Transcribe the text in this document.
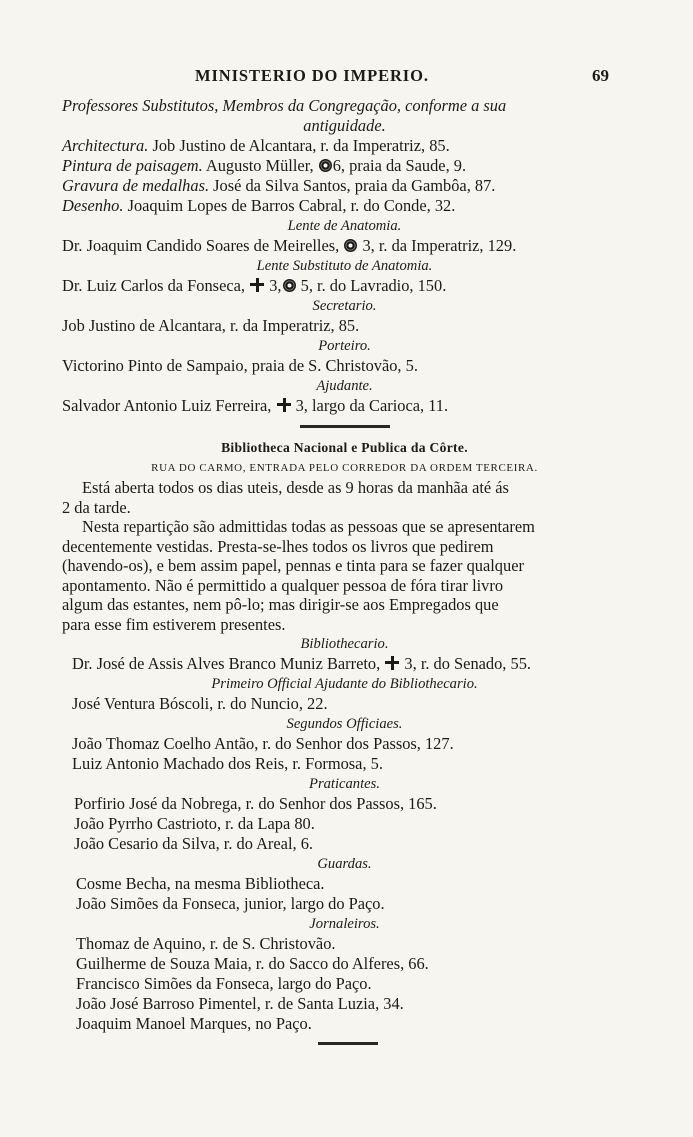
MINISTERIO DO IMPERIO.	69
Professores Substitutos, Membros da Congregação, conforme a sua
antiguidade.
Architectura. Job Justino de Alcantara, r. da Imperatriz, 85.
Pintura de paisagem. Augusto Müller, 6, praia da Saude, 9.
Gravura de medalhas. José da Silva Santos, praia da Gambôa, 87.
Desenho. Joaquim Lopes de Barros Cabral, r. do Conde, 32.
Lente de Anatomia.
Dr. Joaquim Candido Soares de Meirelles, 3, r. da Imperatriz, 129.
Lente Substituto de Anatomia.
Dr. Luiz Carlos da Fonseca, 3, 5, r. do Lavradio, 150.
Secretario.
Job Justino de Alcantara, r. da Imperatriz, 85.
Porteiro.
Victorino Pinto de Sampaio, praia de S. Christovão, 5.
Ajudante.
Salvador Antonio Luiz Ferreira, 3, largo da Carioca, 11.
Bibliotheca Nacional e Publica da Côrte.
RUA DO CARMO, ENTRADA PELO CORREDOR DA ORDEM TERCEIRA.
Está aberta todos os dias uteis, desde as 9 horas da manhãa até ás
2 da tarde.
Nesta repartição são admittidas todas as pessoas que se apresentarem
decentemente vestidas. Presta-se-lhes todos os livros que pedirem
(havendo-os), e bem assim papel, pennas e tinta para se fazer qualquer
apontamento. Não é permittido a qualquer pessoa de fóra tirar livro
algum das estantes, nem pô-lo; mas dirigir-se aos Empregados que
para esse fim estiverem presentes.
Bibliothecario.
Dr. José de Assis Alves Branco Muniz Barreto, 3, r. do Senado, 55.
Primeiro Official Ajudante do Bibliothecario.
José Ventura Bóscoli, r. do Nuncio, 22.
Segundos Officiaes.
João Thomaz Coelho Antão, r. do Senhor dos Passos, 127.
Luiz Antonio Machado dos Reis, r. Formosa, 5.
Praticantes.
Porfirio José da Nobrega, r. do Senhor dos Passos, 165.
João Pyrrho Castrioto, r. da Lapa 80.
João Cesario da Silva, r. do Areal, 6.
Guardas.
Cosme Becha, na mesma Bibliotheca.
João Simões da Fonseca, junior, largo do Paço.
Jornaleiros.
Thomaz de Aquino, r. de S. Christovão.
Guilherme de Souza Maia, r. do Sacco do Alferes, 66.
Francisco Simões da Fonseca, largo do Paço.
João José Barroso Pimentel, r. de Santa Luzia, 34.
Joaquim Manoel Marques, no Paço.
